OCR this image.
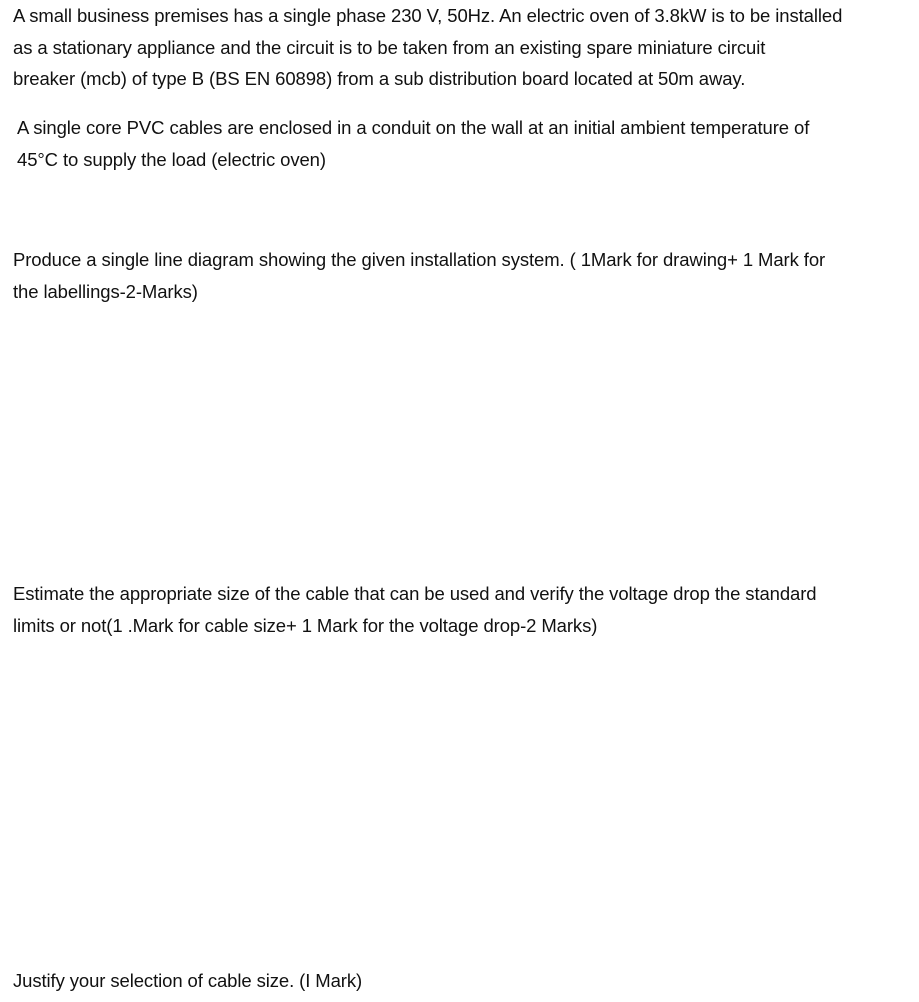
A small business premises has a single phase 230 V, 50Hz. An electric oven of 3.8kW is to be installed
as a stationary appliance and the circuit is to be taken from an existing spare miniature circuit
breaker (mcb) of type B (BS EN 60898) from a sub distribution board located at 50m away.

A single core PVC cables are enclosed in a conduit on the wall at an initial ambient temperature of
45°C to supply the load (electric oven)

Produce a single line diagram showing the given installation system. ( 1Mark for drawing+ 1 Mark for
the labellings-2-Marks)

Estimate the appropriate size of the cable that can be used and verify the voltage drop the standard
limits or not(1 .Mark for cable size+ 1 Mark for the voltage drop-2 Marks)

Justify your selection of cable size. (I Mark)
